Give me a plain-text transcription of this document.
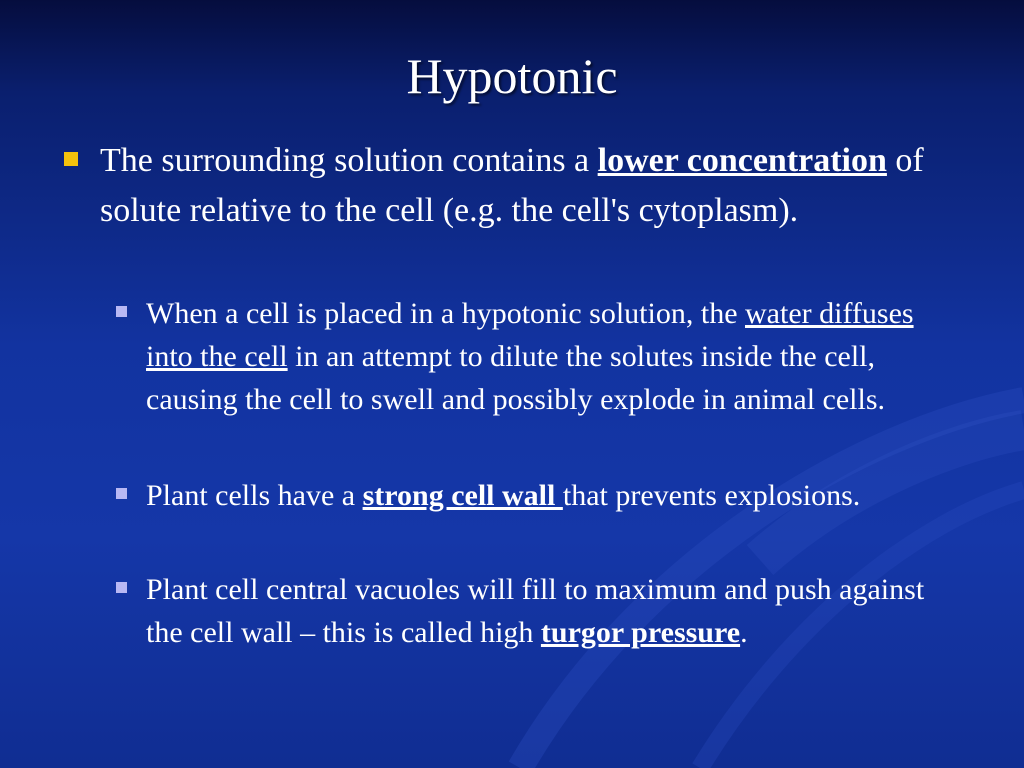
Hypotonic
The surrounding solution contains a lower concentration of solute relative to the cell (e.g. the cell's cytoplasm).
When a cell is placed in a hypotonic solution, the water diffuses into the cell in an attempt to dilute the solutes inside the cell, causing the cell to swell and possibly explode in animal cells.
Plant cells have a strong cell wall that prevents explosions.
Plant cell central vacuoles will fill to maximum and push against the cell wall – this is called high turgor pressure.
